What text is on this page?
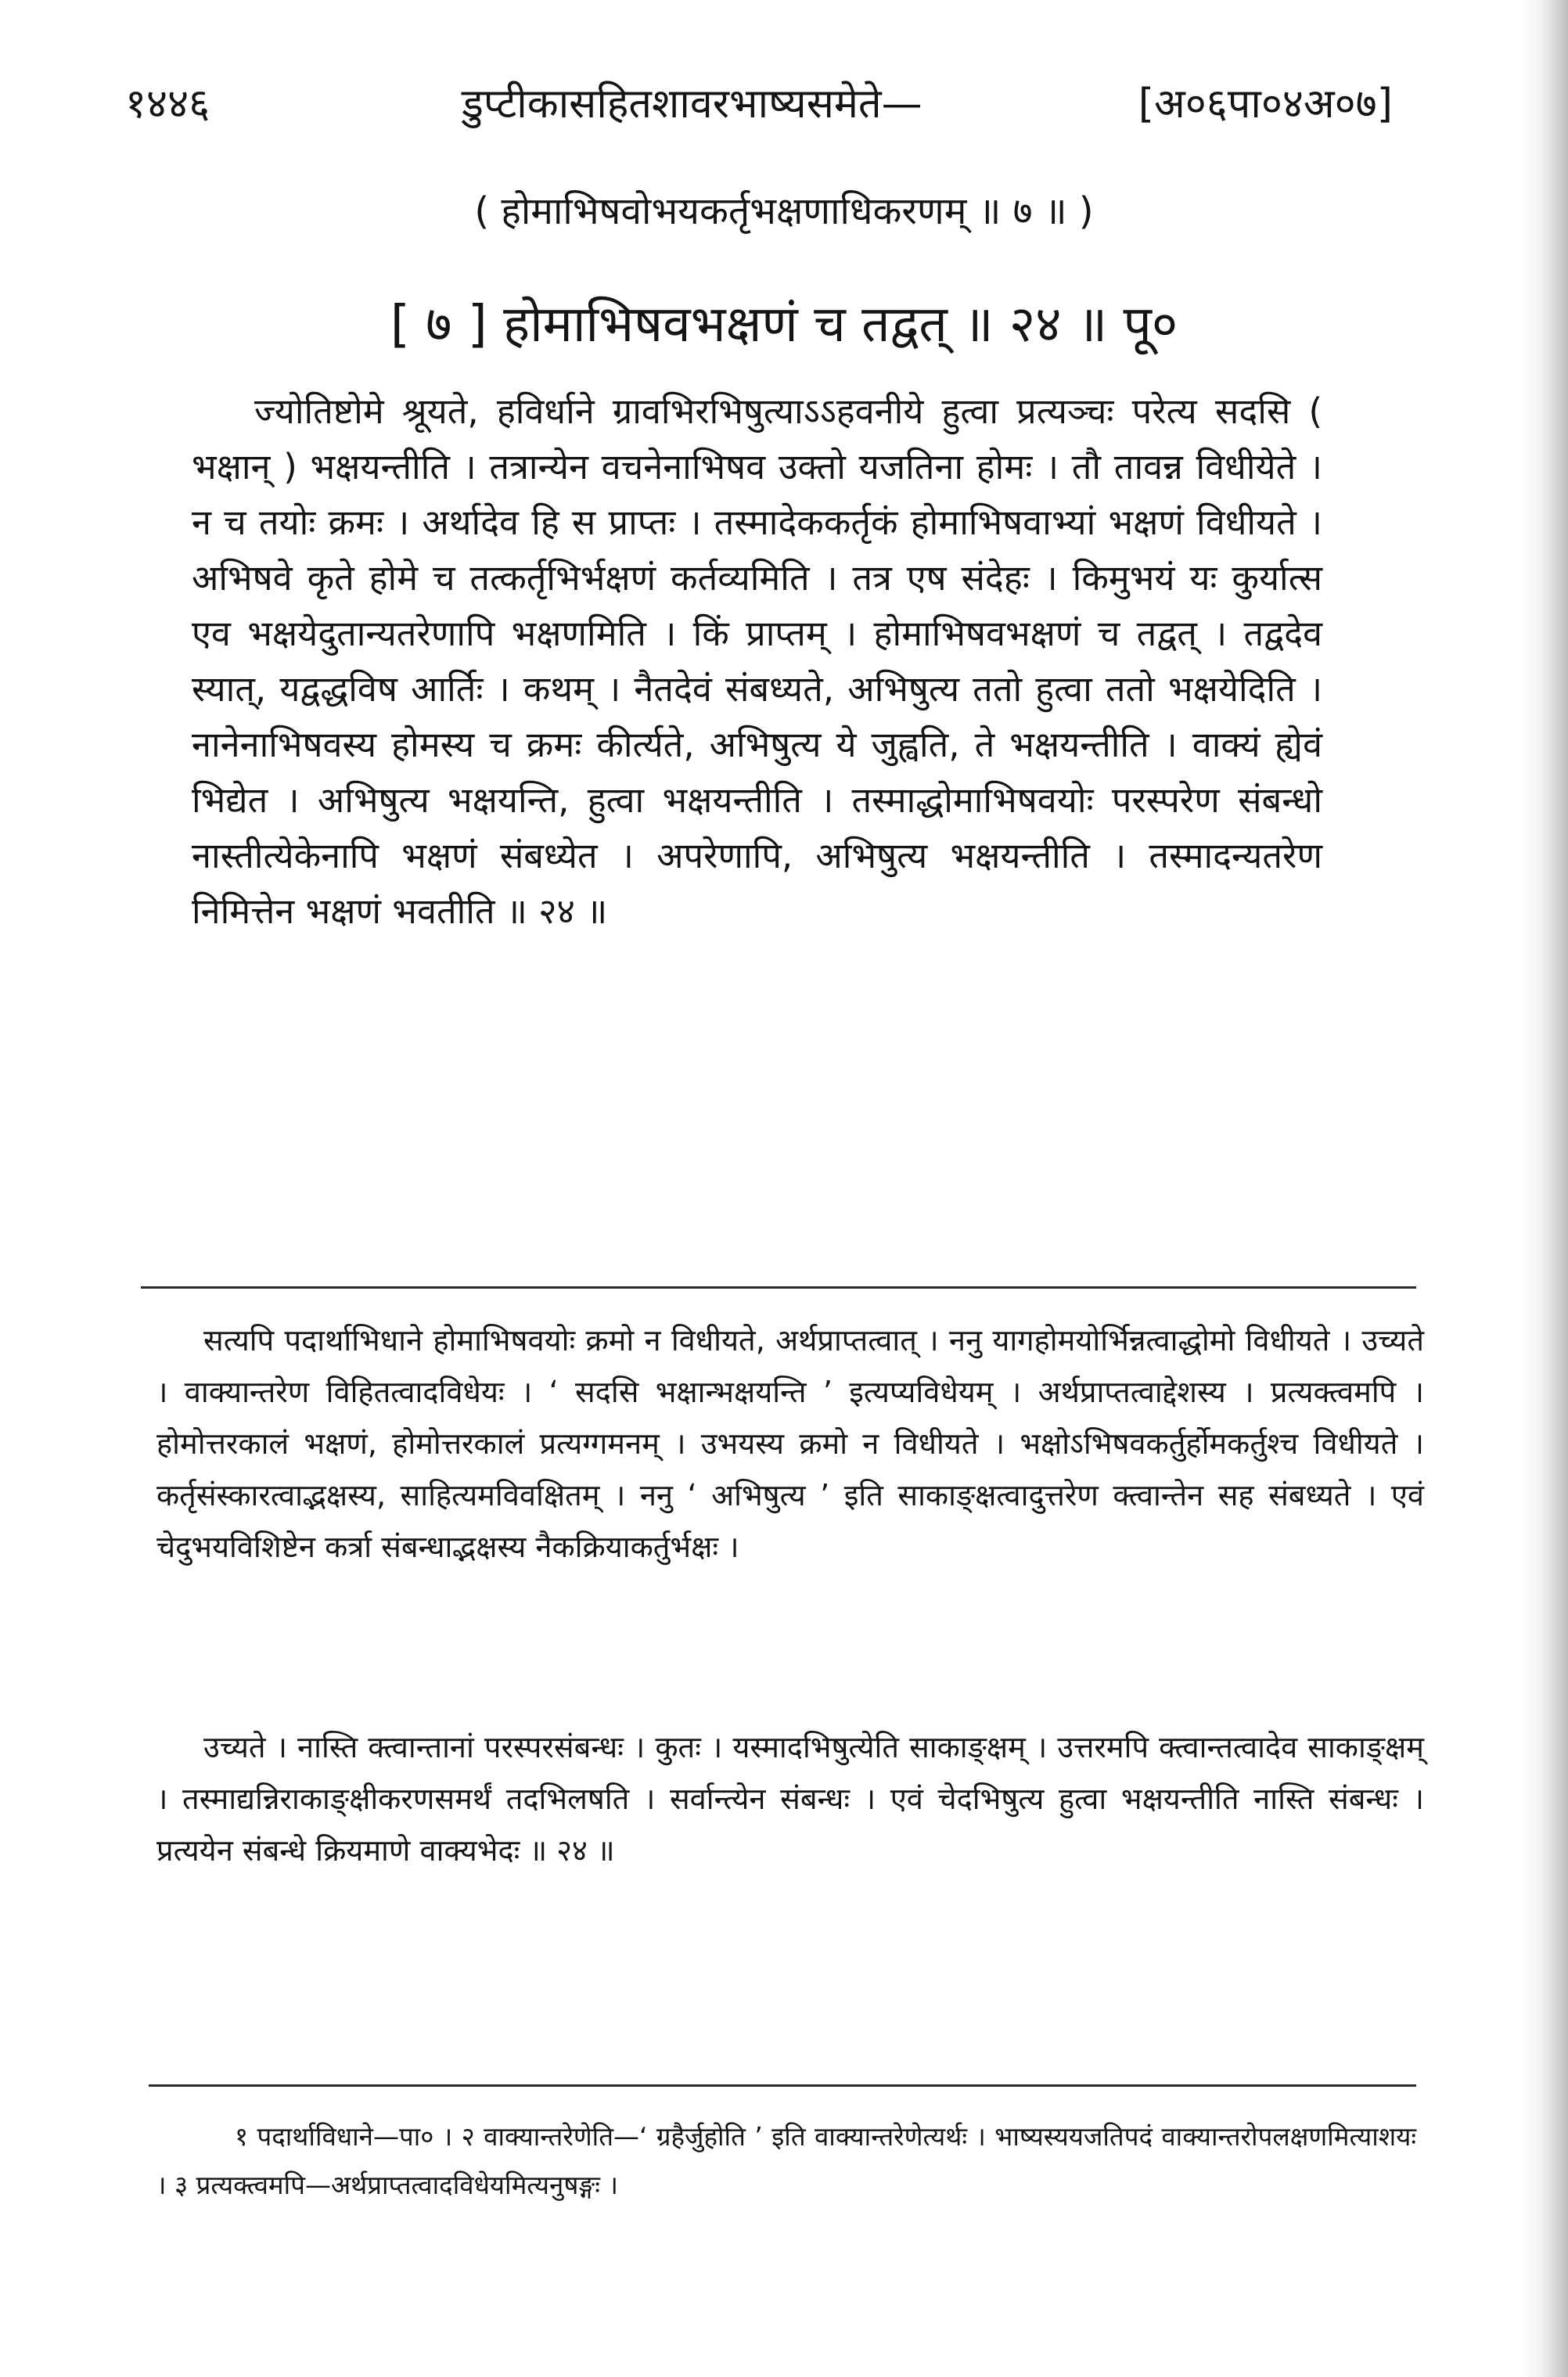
१४४६	डुप्टीकासहितशावरभाष्यसमेते—	[अ०६पा०४अ०७]
( होमाभिषवोभयकर्तृभक्षणाधिकरणम् ॥ ७ ॥ )
[ ७ ] होमाभिषवभक्षणं च तद्वत् ॥ २४ ॥ पू०

ज्योतिष्टोमे श्रूयते, हविर्धाने ग्रावभिरभिषुत्याऽऽहवनीये हुत्वा प्रत्यञ्चः परेत्य सदसि ( भक्षान् ) भक्षयन्तीति । तत्रान्येन वचनेनाभिषव उक्तो यजतिना होमः । तौ तावन्न विधीयेते । न च तयोः क्रमः । अर्थादेव हि स प्राप्तः । तस्मादेककर्तृकं होमाभिषवाभ्यां भक्षणं विधीयते । अभिषवे कृते होमे च तत्कर्तृभिर्भक्षणं कर्तव्यमिति । तत्र एष संदेहः । किमुभयं यः कुर्यात्स एव भक्षयेदुतान्यतरेणापि भक्षणमिति । किं प्राप्तम् । होमाभिषवभक्षणं च तद्वत् । तद्वदेव स्यात्, यद्वद्धविष आर्तिः । कथम् । नैतदेवं संबध्यते, अभिषुत्य ततो हुत्वा ततो भक्षयेदिति । नानेनाभिषवस्य होमस्य च क्रमः कीर्त्यते, अभिषुत्य ये जुह्वति, ते भक्षयन्तीति । वाक्यं ह्येवं भिद्येत । अभिषुत्य भक्षयन्ति, हुत्वा भक्षयन्तीति । तस्माद्धोमाभिषवयोः परस्परेण संबन्धो नास्तीत्येकेनापि भक्षणं संबध्येत । अपरेणापि, अभिषुत्य भक्षयन्तीति । तस्मादन्यतरेण निमित्तेन भक्षणं भवतीति ॥ २४ ॥

सत्यपि पदार्थाभिधाने होमाभिषवयोः क्रमो न विधीयते, अर्थप्राप्तत्वात् । ननु यागहोमयोर्भिन्नत्वाद्धोमो विधीयते । उच्यते । वाक्यान्तरेण विहितत्वादविधेयः । ‘ सदसि भक्षान्भक्षयन्ति ’ इत्यप्यविधेयम् । अर्थप्राप्तत्वाद्देशस्य । प्रत्यक्त्वमपि । होमोत्तरकालं भक्षणं, होमोत्तरकालं प्रत्यग्गमनम् । उभयस्य क्रमो न विधीयते । भक्षोऽभिषवकर्तुर्होमकर्तुश्च विधीयते । कर्तृसंस्कारत्वाद्भक्षस्य, साहित्यमविवक्षितम् । ननु ‘ अभिषुत्य ’ इति साकाङ्क्षत्वादुत्तरेण क्त्वान्तेन सह संबध्यते । एवं चेदुभयविशिष्टेन कर्त्रा संबन्धाद्भक्षस्य नैकक्रियाकर्तुर्भक्षः ।

उच्यते । नास्ति क्त्वान्तानां परस्परसंबन्धः । कुतः । यस्मादभिषुत्येति साकाङ्क्षम् । उत्तरमपि क्त्वान्तत्वादेव साकाङ्क्षम् । तस्माद्यन्निराकाङ्क्षीकरणसमर्थं तदभिलषति । सर्वान्त्येन संबन्धः । एवं चेदभिषुत्य हुत्वा भक्षयन्तीति नास्ति संबन्धः । प्रत्ययेन संबन्धे क्रियमाणे वाक्यभेदः ॥ २४ ॥

१ पदार्थाविधाने—पा० । २ वाक्यान्तरेणेति—‘ ग्रहैर्जुहोति ’ इति वाक्यान्तरेणेत्यर्थः । भाष्यस्ययजतिपदं वाक्यान्तरोपलक्षणमित्याशयः । ३ प्रत्यक्त्वमपि—अर्थप्राप्तत्वादविधेयमित्यनुषङ्गः ।
